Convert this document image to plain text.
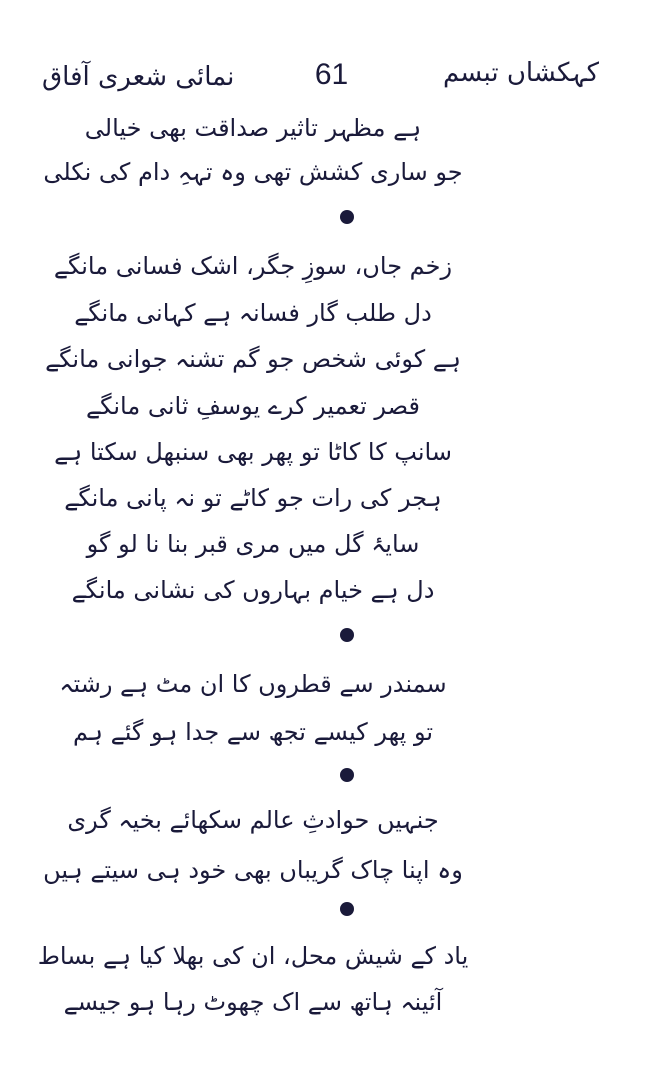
نمائی شعری آفاق	61	کہکشاں تبسم
ہے مظہر تاثیر صداقت بھی خیالی
جو ساری کشش تھی وہ تہہِ دام کی نکلی
زخم جاں، سوزِ جگر، اشک فسانی مانگے
دل طلب گار فسانہ ہے کہانی مانگے
ہے کوئی شخص جو گم تشنہ جوانی مانگے
قصر تعمیر کرے یوسفِ ثانی مانگے
سانپ کا کاٹا تو پھر بھی سنبھل سکتا ہے
ہجر کی رات جو کاٹے تو نہ پانی مانگے
سایۂ گل میں مری قبر بنا نا لو گو
دل ہے خیام بہاروں کی نشانی مانگے
سمندر سے قطروں کا ان مٹ ہے رشتہ
تو پھر کیسے تجھ سے جدا ہو گئے ہم
جنہیں حوادثِ عالم سکھائے بخیہ گری
وہ اپنا چاک گریباں بھی خود ہی سیتے ہیں
یاد کے شیش محل، ان کی بھلا کیا ہے بساط
آئینہ ہاتھ سے اک چھوٹ رہا ہو جیسے
